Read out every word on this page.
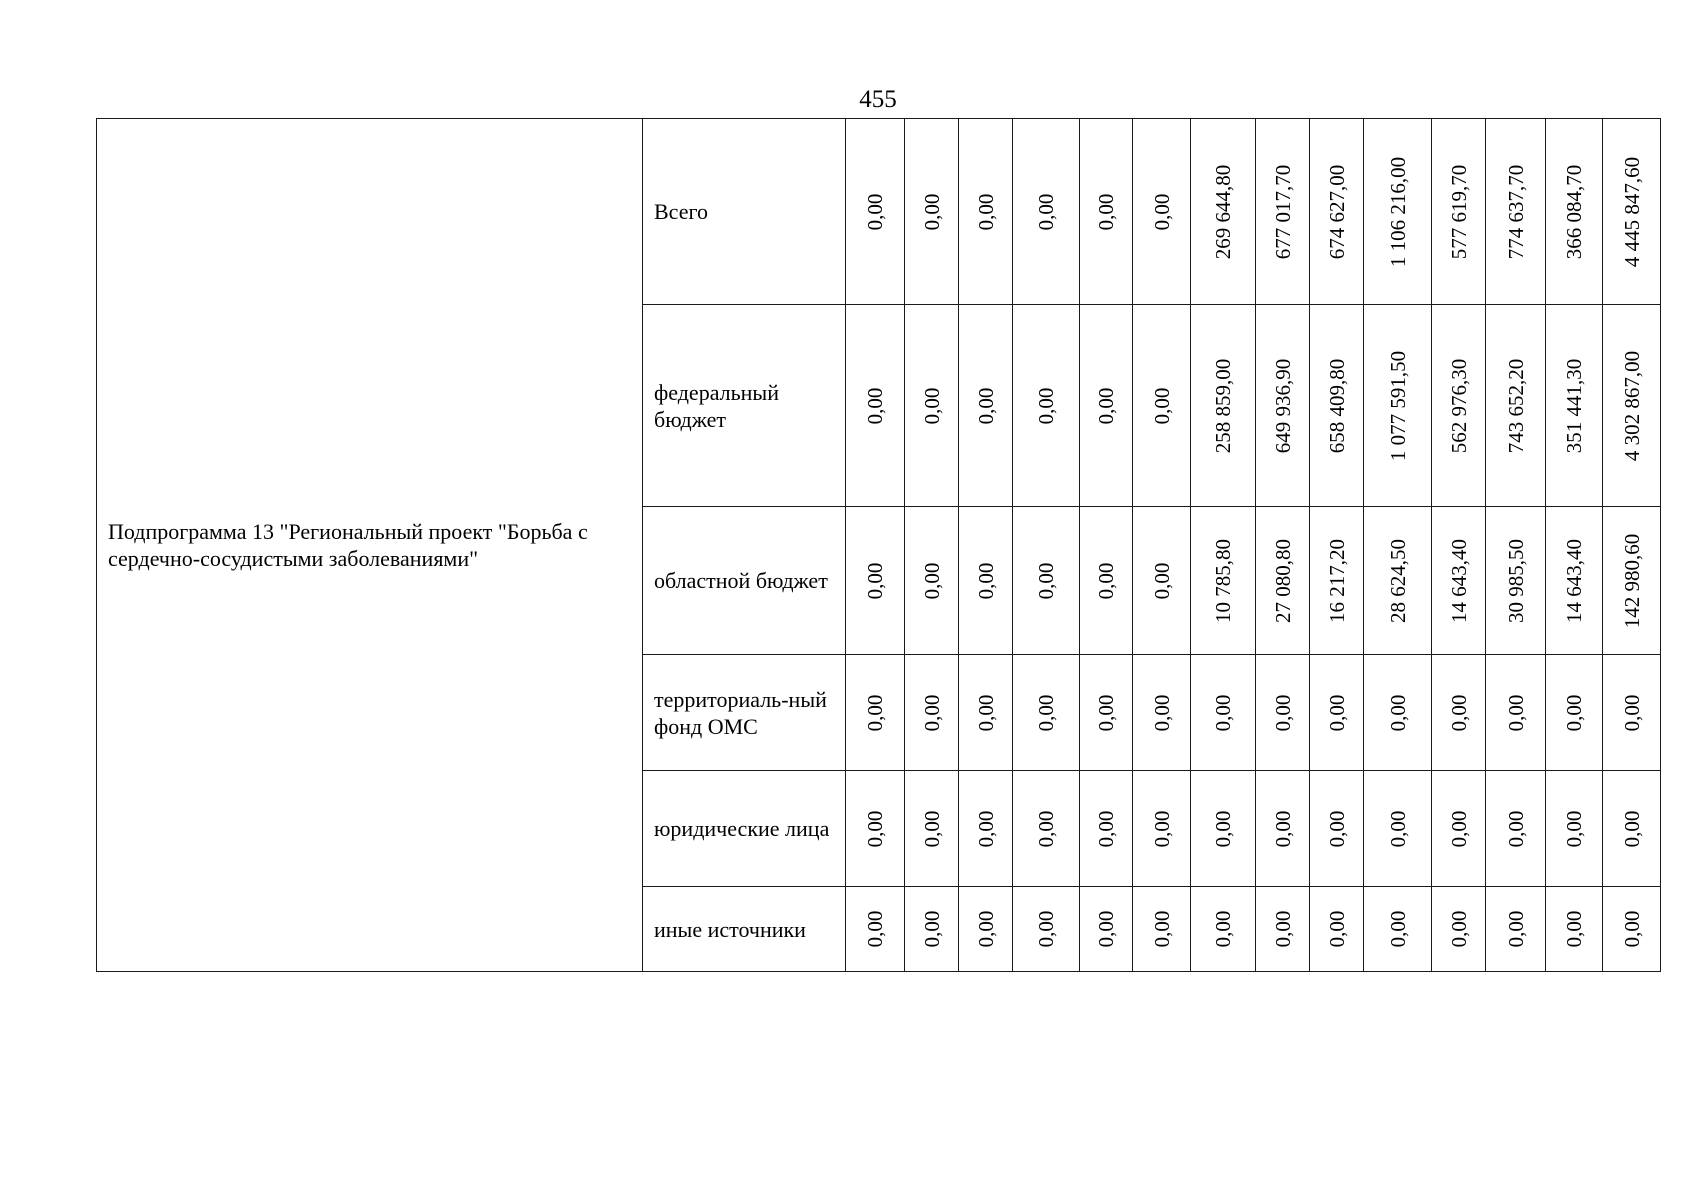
455
Подпрограмма 13 "Региональный проект "Борьба с сердечно-сосудистыми заболеваниями"	Всего	0,00	0,00	0,00	0,00	0,00	0,00	269 644,80	677 017,70	674 627,00	1 106 216,00	577 619,70	774 637,70	366 084,70	4 445 847,60

	федеральный бюджет	0,00	0,00	0,00	0,00	0,00	0,00	258 859,00	649 936,90	658 409,80	1 077 591,50	562 976,30	743 652,20	351 441,30	4 302 867,00

	областной бюджет	0,00	0,00	0,00	0,00	0,00	0,00	10 785,80	27 080,80	16 217,20	28 624,50	14 643,40	30 985,50	14 643,40	142 980,60

	территориаль-ный фонд ОМС	0,00	0,00	0,00	0,00	0,00	0,00	0,00	0,00	0,00	0,00	0,00	0,00	0,00	0,00

	юридические лица	0,00	0,00	0,00	0,00	0,00	0,00	0,00	0,00	0,00	0,00	0,00	0,00	0,00	0,00

	иные источники	0,00	0,00	0,00	0,00	0,00	0,00	0,00	0,00	0,00	0,00	0,00	0,00	0,00	0,00
